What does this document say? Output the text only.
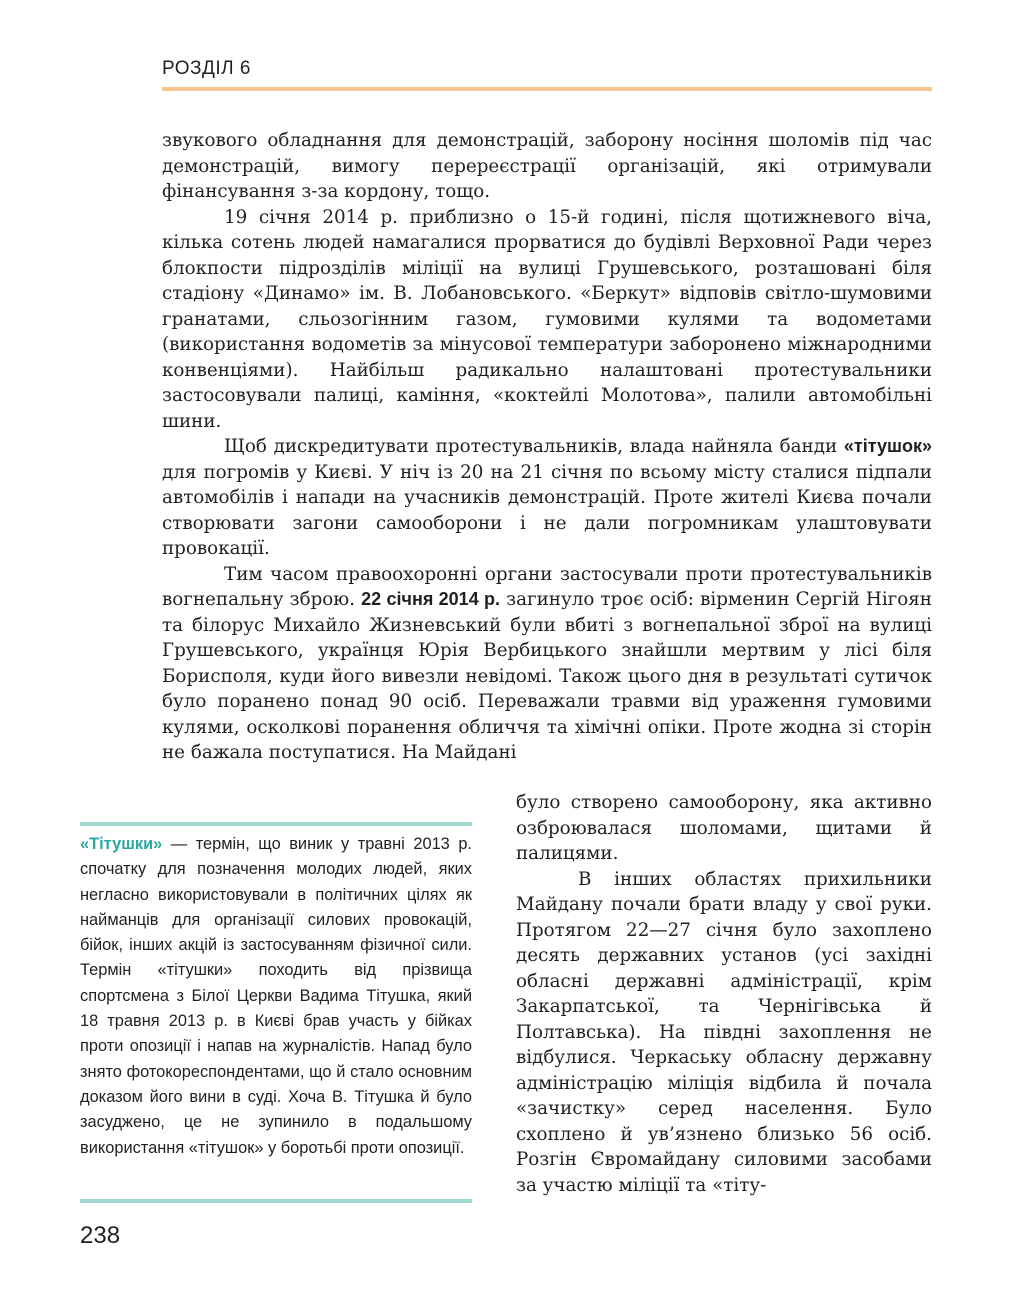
РОЗДІЛ 6

звукового обладнання для демонстрацій, заборону носіння шоломів під час демонстрацій, вимогу перереєстрації організацій, які отримували фінансування з-за кордону, тощо.

19 січня 2014 р. приблизно о 15-й годині, після щотижневого віча, кілька сотень людей намагалися прорватися до будівлі Верховної Ради через блокпости підрозділів міліції на вулиці Грушевського, розташовані біля стадіону «Динамо» ім. В. Лобановського. «Беркут» відповів світло-шумовими гранатами, сльозогінним газом, гумовими кулями та водометами (використання водометів за мінусової температури заборонено міжнародними конвенціями). Найбільш радикально налаштовані протестувальники застосовували палиці, каміння, «коктейлі Молотова», палили автомобільні шини.

Щоб дискредитувати протестувальників, влада найняла банди «тітушок» для погромів у Києві. У ніч із 20 на 21 січня по всьому місту сталися підпали автомобілів і напади на учасників демонстрацій. Проте жителі Києва почали створювати загони самооборони і не дали погромникам улаштовувати провокації.

Тим часом правоохоронні органи застосували проти протестувальників вогнепальну зброю. 22 січня 2014 р. загинуло троє осіб: вірменин Сергій Нігоян та білорус Михайло Жизневський були вбиті з вогнепальної зброї на вулиці Грушевського, українця Юрія Вербицького знайшли мертвим у лісі біля Борисполя, куди його вивезли невідомі. Також цього дня в результаті сутичок було поранено понад 90 осіб. Переважали травми від ураження гумовими кулями, осколкові поранення обличчя та хімічні опіки. Проте жодна зі сторін не бажала поступатися. На Майдані

було створено самооборону, яка активно озброювалася шоломами, щитами й палицями.

В інших областях прихильники Майдану почали брати владу у свої руки. Протягом 22—27 січня було захоплено десять державних установ (усі західні обласні державні адміністрації, крім Закарпатської, та Чернігівська й Полтавська). На півдні захоплення не відбулися. Черкаську обласну державну адміністрацію міліція відбила й почала «зачистку» серед населення. Було схоплено й ув’язнено близько 56 осіб. Розгін Євромайдану силовими засобами за участю міліції та «тіту-

«Тітушки» — термін, що виник у травні 2013 р. спочатку для позначення молодих людей, яких негласно використовували в політичних цілях як найманців для організації силових провокацій, бійок, інших акцій із застосуванням фізичної сили. Термін «тітушки» походить від прізвища спортсмена з Білої Церкви Вадима Тітушка, який 18 травня 2013 р. в Києві брав участь у бійках проти опозиції і напав на журналістів. Напад було знято фотокореспондентами, що й стало основним доказом його вини в суді. Хоча В. Тітушка й було засуджено, це не зупинило в подальшому використання «тітушок» у боротьбі проти опозиції.
238
